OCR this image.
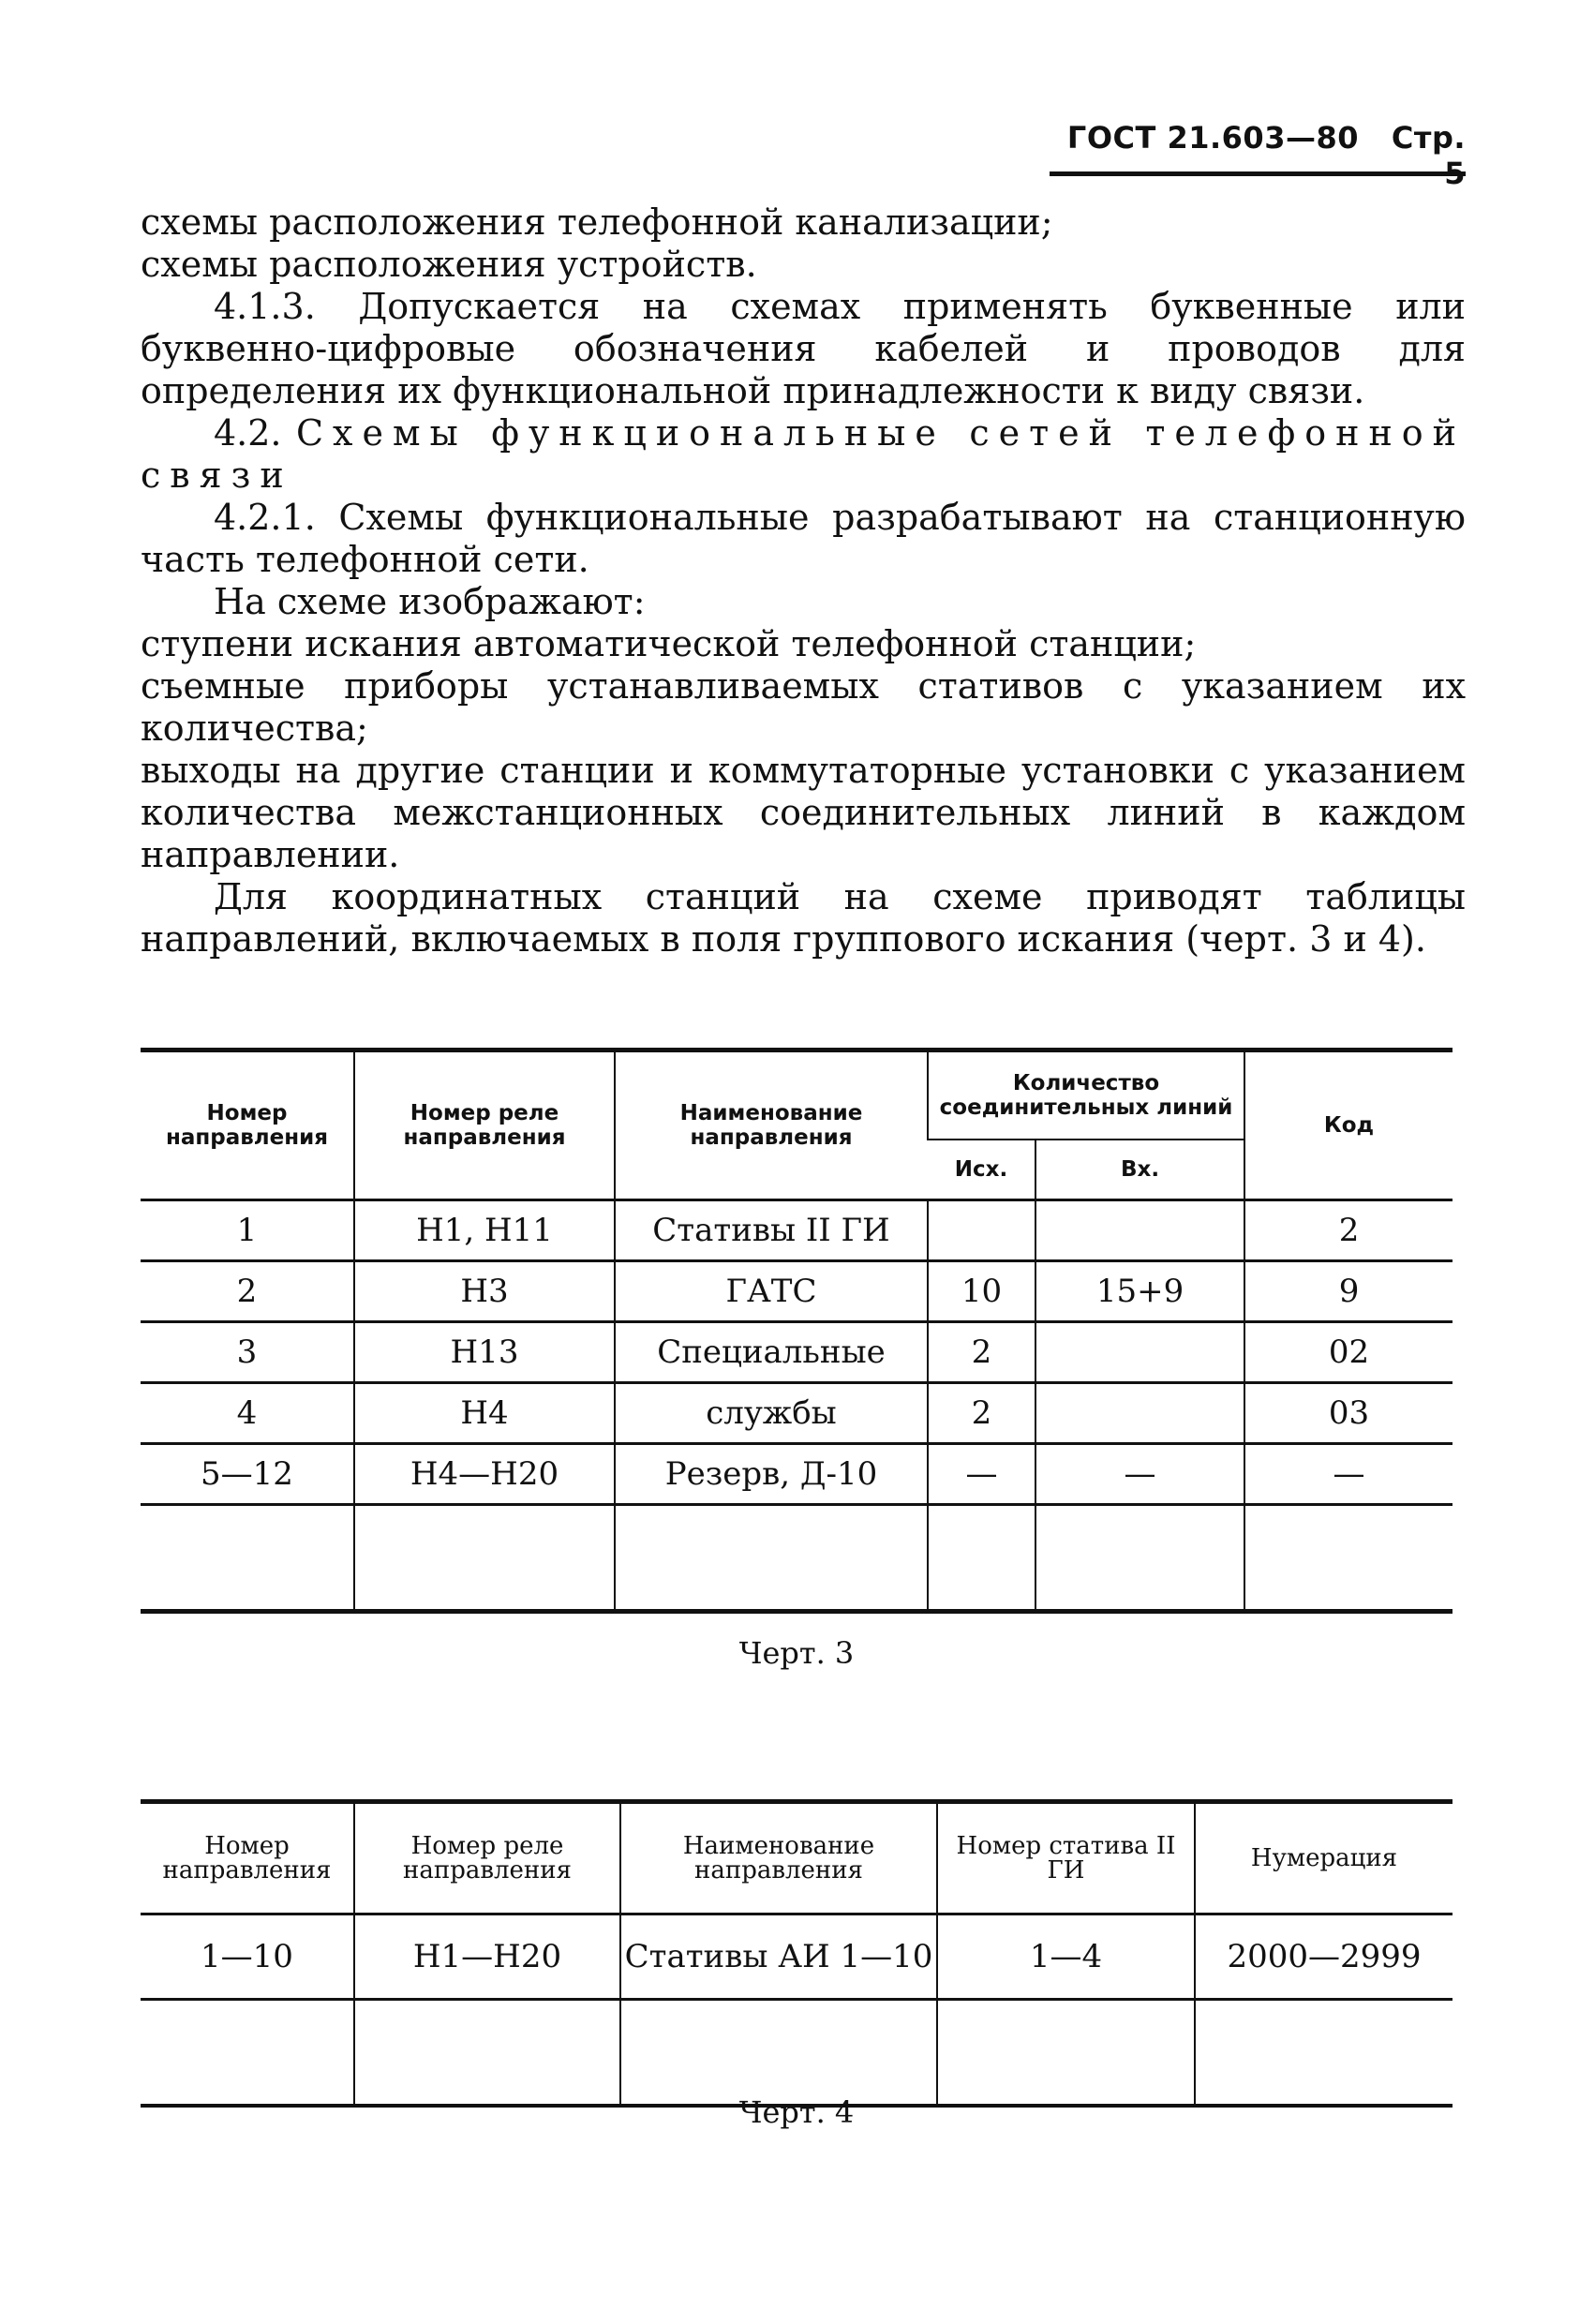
ГОСТ 21.603—80 Стр.

схемы расположения телефонной канализации;

схемы расположения устройств.

4.1.3. Допускается на схемах применять буквенные или буквенно-цифровые обозначения кабелей и проводов для определения их функциональной принадлежности к виду связи.

4.2. Схемы функциональные сетей телефонной связи

4.2.1. Схемы функциональные разрабатывают на станционную часть телефонной сети.

На схеме изображают:

ступени искания автоматической телефонной станции;

съемные приборы устанавливаемых стативов с указанием их количества;

выходы на другие станции и коммутаторные установки с указанием количества межстанционных соединительных линий в каждом направлении.

Для координатных станций на схеме приводят таблицы направлений, включаемых в поля группового искания (черт. 3 и 4).

Номер направления	Номер реле направления	Наименование направления	Количество соединительных линий		Код
			Исх.	Вх.	
1	Н1, Н11	Стативы II ГИ			2
2	Н3	ГАТС	10	15+9	9
3	Н13	Специальные	2		02
4	Н4	службы	2		03
5—12	Н4—Н20	Резерв, Д-10	—	—	—

Черт. 3
Номер направления	Номер реле направления	Наименование направления	Номер статива II ГИ	Нумерация
1—10	Н1—Н20	Стативы АИ 1—10	1—4	2000—2999

Черт. 4
